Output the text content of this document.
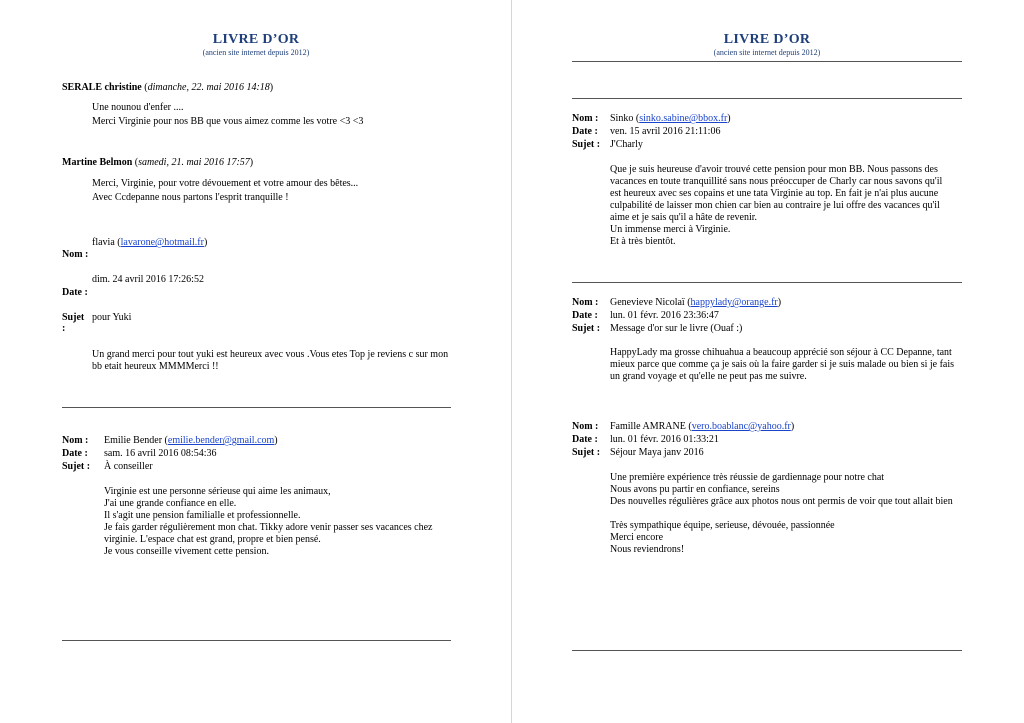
LIVRE D’OR
(ancien site internet depuis 2012)
SERALE christine (dimanche, 22. mai 2016 14:18)
Une nounou d'enfer ....
Merci Virginie pour nos BB que vous aimez comme les votre <3 <3
Martine Belmon (samedi, 21. mai 2016 17:57)
Merci, Virginie, pour votre dévouement et votre amour des bêtes...
Avec Ccdepanne nous partons l'esprit tranquille !
flavia (lavarone@hotmail.fr)
Nom :
dim. 24 avril 2016 17:26:52
Date :
Sujet pour Yuki
:
Un grand merci pour tout yuki est heureux avec vous .Vous etes Top je reviens c sur mon bb etait heureux MMMMerci !!
Nom : Emilie Bender (emilie.bender@gmail.com)
Date : sam. 16 avril 2016 08:54:36
Sujet : À conseiller
Virginie est une personne sérieuse qui aime les animaux,
J'ai une grande confiance en elle.
Il s'agit une pension familialle et professionnelle.
Je fais garder régulièrement mon chat. Tikky adore venir passer ses vacances chez
virginie. L'espace chat est grand, propre et bien pensé.
Je vous conseille vivement cette pension.
LIVRE D’OR
(ancien site internet depuis 2012)
Nom : Sinko (sinko.sabine@bbox.fr)
Date : ven. 15 avril 2016 21:11:06
Sujet : J'Charly
Que je suis heureuse d'avoir trouvé cette pension pour mon BB. Nous passons des vacances en toute tranquillité sans nous préoccuper de Charly car nous savons qu'il est heureux avec ses copains et une tata Virginie au top. En fait je n'ai plus aucune culpabilité de laisser mon chien car bien au contraire je lui offre des vacances qu'il aime et je sais qu'il a hâte de revenir.
Un immense merci à Virginie.
Et à très bientôt.
Nom : Genevieve Nicolaï (happylady@orange.fr)
Date : lun. 01 févr. 2016 23:36:47
Sujet : Message d'or sur le livre (Ouaf :)
HappyLady ma grosse chihuahua a beaucoup apprécié son séjour à CC Depanne, tant mieux parce que comme ça je sais où la faire garder si je suis malade ou bien si je fais un grand voyage et qu'elle ne peut pas me suivre.
Nom : Famille AMRANE (vero.boablanc@yahoo.fr)
Date : lun. 01 févr. 2016 01:33:21
Sujet : Séjour Maya janv 2016
Une première expérience très réussie de gardiennage pour notre chat
Nous avons pu partir en confiance, sereins
Des nouvelles régulières grâce aux photos nous ont permis de voir que tout allait bien
Très sympathique équipe, serieuse, dévouée, passionnée
Merci encore
Nous reviendrons!
